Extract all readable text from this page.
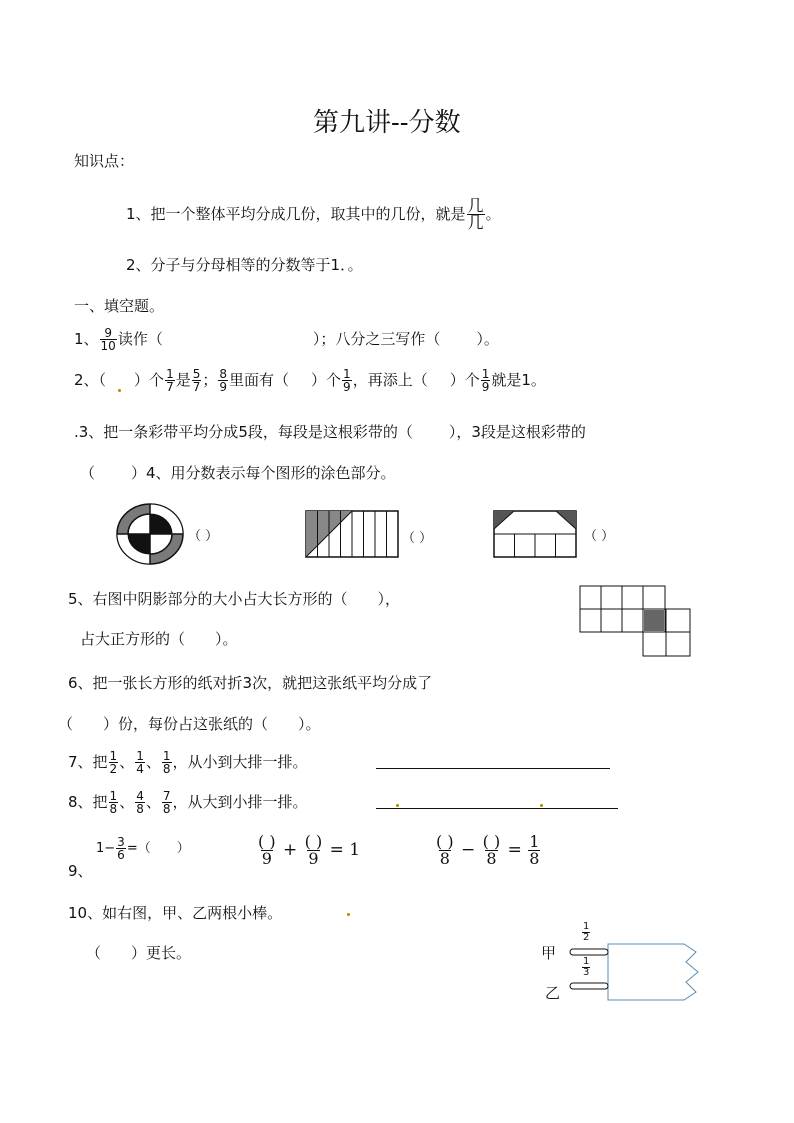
第九讲--分数
知识点：
1、把一个整体平均分成几份，取其中的几份，就是 $\frac{\text{几}}{\text{几}}$ 。
2、分子与分母相等的分数等于1．。
一、填空题。
1、 $\frac{9}{10}$ 读作（	）；八分之三写作（ ）。
2、（ ）个 $\frac{1}{7}$ 是 $\frac{5}{7}$ ； $\frac{8}{9}$ 里面有（ ）个 $\frac{1}{9}$ ，再添上（ ）个 $\frac{1}{9}$ 就是1。
.3、把一条彩带平均分成5段，每段是这根彩带的（ ），3段是这根彩带的
（ ）4、用分数表示每个图形的涂色部分。
（ ）	（ ）	（ ）
5、右图中阴影部分的大小占大长方形的（　　），
占大正方形的（　　）。
6、把一张长方形的纸对折3次，就把这张纸平均分成了
（　　）份，每份占这张纸的（　　）。
7、把 $\frac{1}{2}$ 、 $\frac{1}{4}$ 、 $\frac{1}{8}$ ，从小到大排一排。
8、把 $\frac{1}{8}$ 、 $\frac{4}{8}$ 、 $\frac{7}{8}$ ，从大到小排一排。
9、
$1- \frac{3}{6}$ =（　　）	$\frac{( )}{9} + \frac{( )}{9} = 1$	$\frac{( )}{8} - \frac{( )}{8} = \frac{1}{8}$
10、如右图，甲、乙两根小棒。
（　　）更长。	甲
乙
$\frac{1}{2}$
$\frac{1}{3}$
